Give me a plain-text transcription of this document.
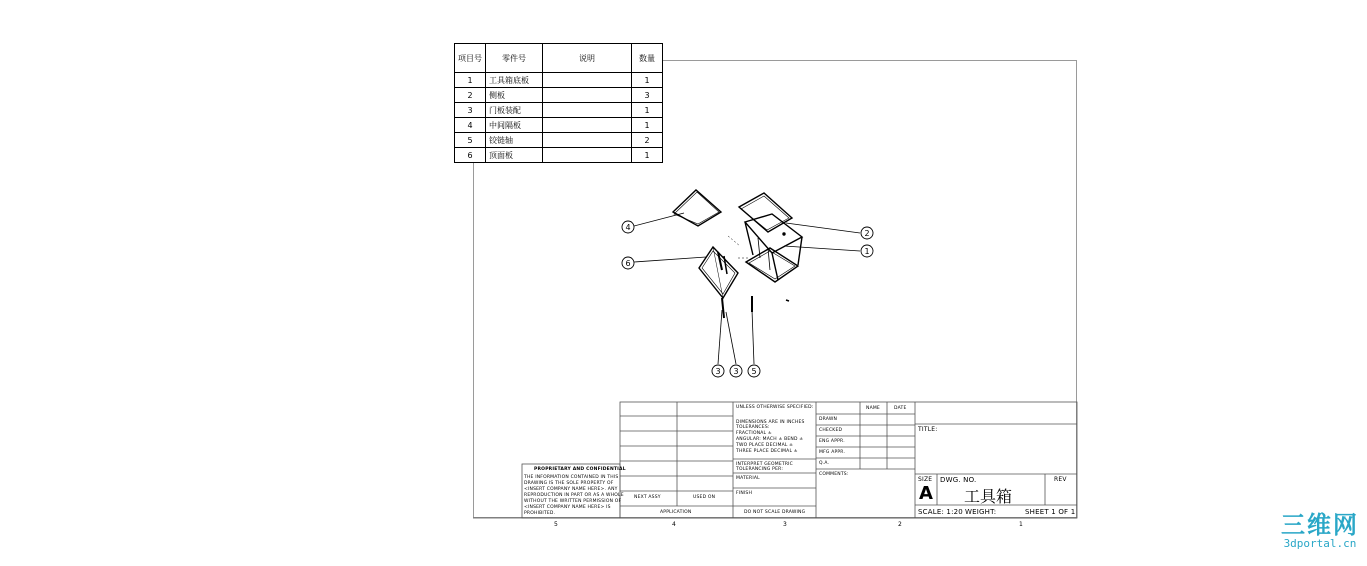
项目号	零件号	说明	数量
1	工具箱底板		1
2	侧板		3
3	门板装配		1
4	中间隔板		1
5	铰链轴		2
6	顶面板		1
4
6
2
1
3 3 5
UNLESS OTHERWISE SPECIFIED:	NAME	DATE
DIMENSIONS ARE IN INCHES
TOLERANCES:
FRACTIONAL ±
ANGULAR: MACH ± BEND ±
TWO PLACE DECIMAL ±
THREE PLACE DECIMAL ±
INTERPRET GEOMETRIC
TOLERANCING PER:
MATERIAL
FINISH
DRAWN
CHECKED
ENG APPR.
MFG APPR.
Q.A.
COMMENTS:
TITLE:
SIZE
A
DWG. NO.
工具箱
REV
SCALE: 1:20 WEIGHT:	SHEET 1 OF 1
NEXT ASSY	USED ON
APPLICATION	DO NOT SCALE DRAWING
PROPRIETARY AND CONFIDENTIAL
THE INFORMATION CONTAINED IN THIS
DRAWING IS THE SOLE PROPERTY OF
<INSERT COMPANY NAME HERE>. ANY
REPRODUCTION IN PART OR AS A WHOLE
WITHOUT THE WRITTEN PERMISSION OF
<INSERT COMPANY NAME HERE> IS
PROHIBITED.
5	4	3	2	1	三维网
3dportal.cn
